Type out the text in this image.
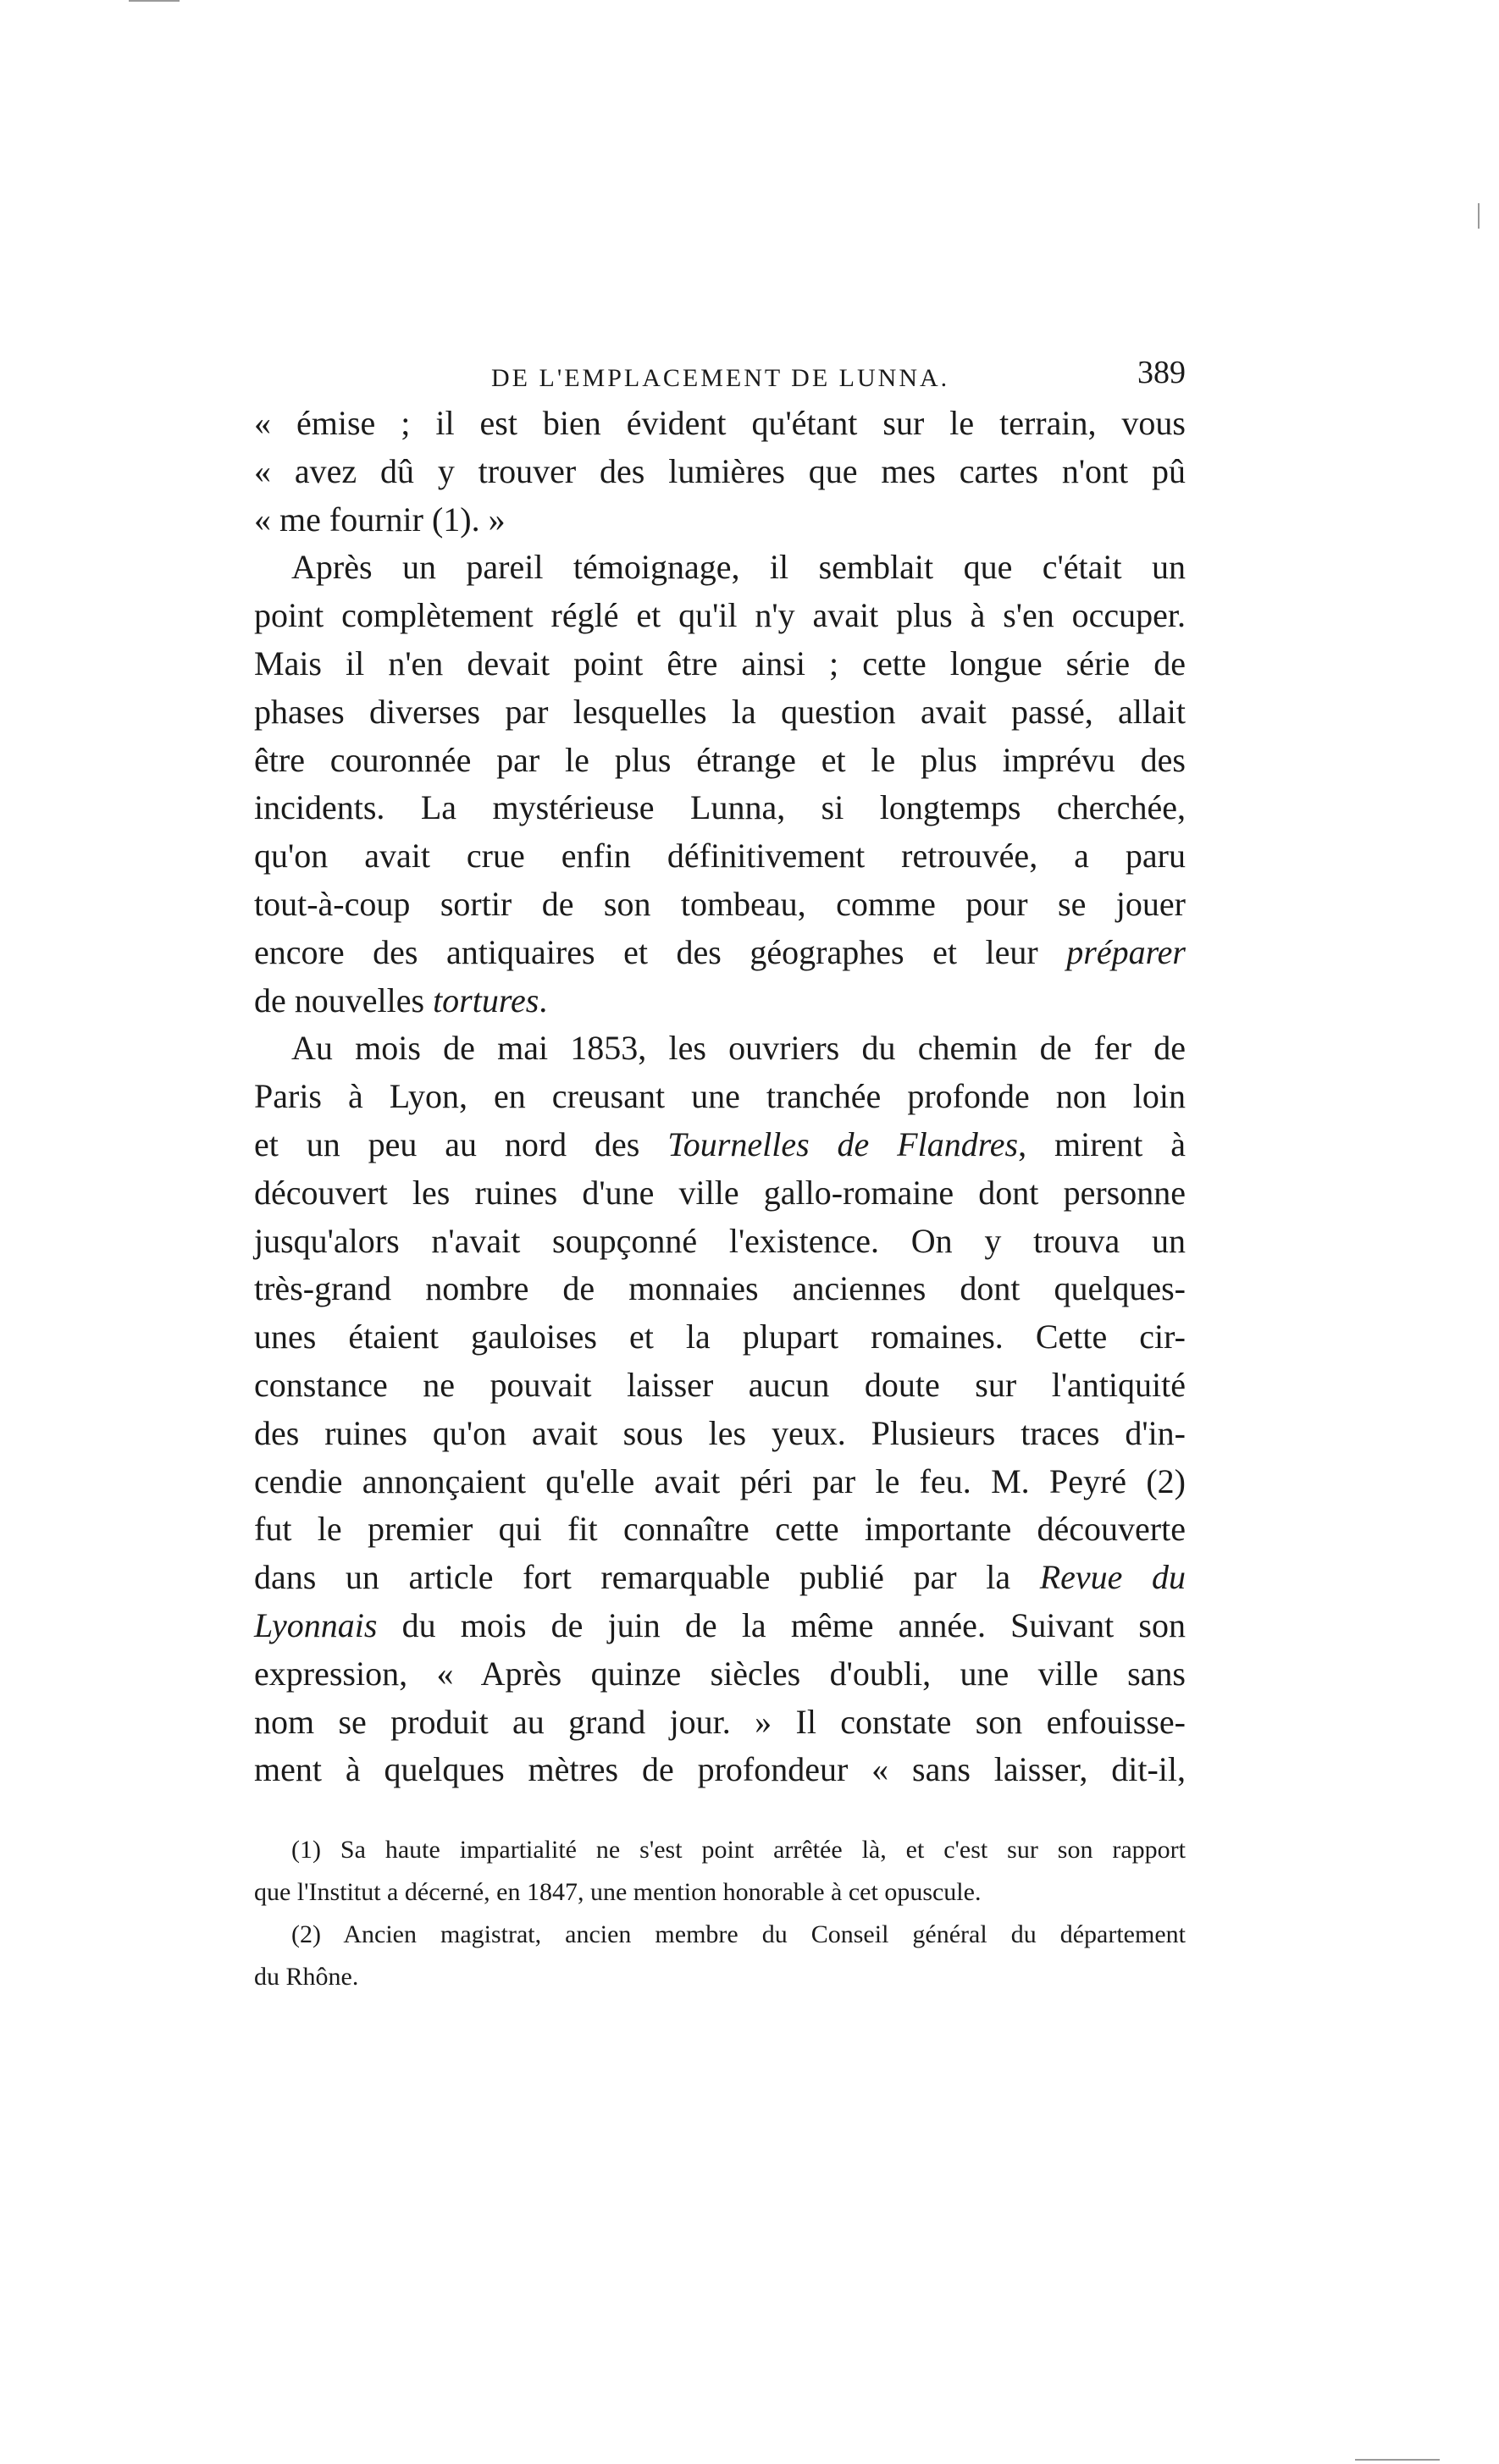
DE L'EMPLACEMENT DE LUNNA.	389
« émise ; il est bien évident qu'étant sur le terrain, vous
« avez dû y trouver des lumières que mes cartes n'ont pû
« me fournir (1). »
Après un pareil témoignage, il semblait que c'était un
point complètement réglé et qu'il n'y avait plus à s'en occuper.
Mais il n'en devait point être ainsi ; cette longue série de
phases diverses par lesquelles la question avait passé, allait
être couronnée par le plus étrange et le plus imprévu des
incidents. La mystérieuse Lunna, si longtemps cherchée,
qu'on avait crue enfin définitivement retrouvée, a paru
tout-à-coup sortir de son tombeau, comme pour se jouer
encore des antiquaires et des géographes et leur préparer
de nouvelles tortures.
Au mois de mai 1853, les ouvriers du chemin de fer de
Paris à Lyon, en creusant une tranchée profonde non loin
et un peu au nord des Tournelles de Flandres, mirent à
découvert les ruines d'une ville gallo-romaine dont personne
jusqu'alors n'avait soupçonné l'existence. On y trouva un
très-grand nombre de monnaies anciennes dont quelques-
unes étaient gauloises et la plupart romaines. Cette cir-
constance ne pouvait laisser aucun doute sur l'antiquité
des ruines qu'on avait sous les yeux. Plusieurs traces d'in-
cendie annonçaient qu'elle avait péri par le feu. M. Peyré (2)
fut le premier qui fit connaître cette importante découverte
dans un article fort remarquable publié par la Revue du
Lyonnais du mois de juin de la même année. Suivant son
expression, « Après quinze siècles d'oubli, une ville sans
nom se produit au grand jour. » Il constate son enfouisse-
ment à quelques mètres de profondeur « sans laisser, dit-il,
(1) Sa haute impartialité ne s'est point arrêtée là, et c'est sur son rapport
que l'Institut a décerné, en 1847, une mention honorable à cet opuscule.
(2) Ancien magistrat, ancien membre du Conseil général du département
du Rhône.
